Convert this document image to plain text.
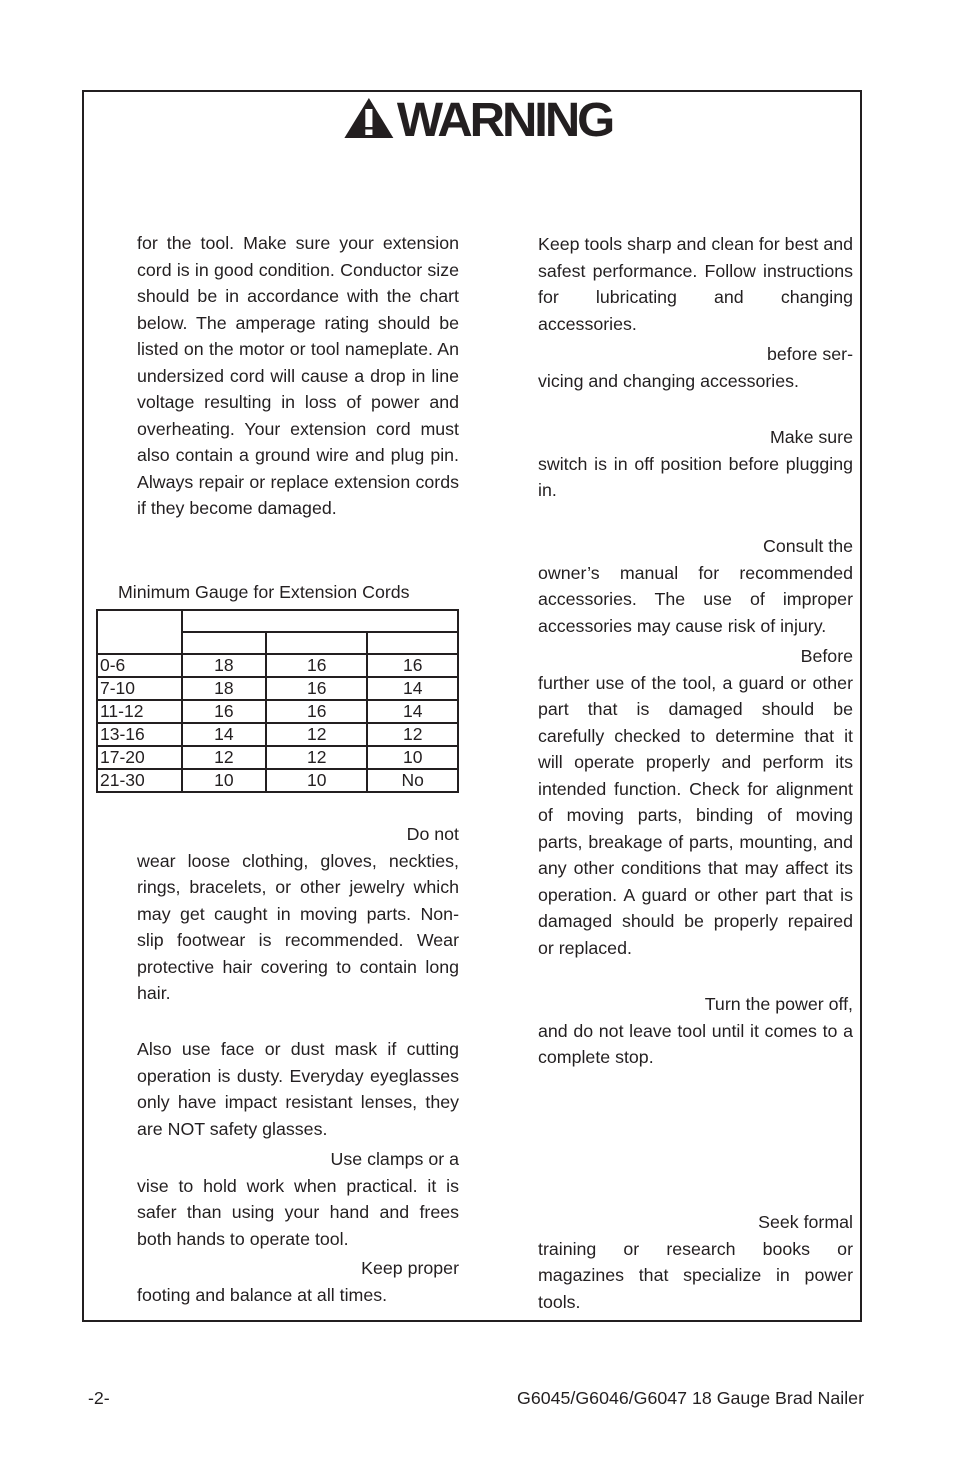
WARNING

for the tool. Make sure your extension cord is in good condition. Conductor size should be in accordance with the chart below. The amperage rating should be listed on the motor or tool nameplate. An undersized cord will cause a drop in line voltage resulting in loss of power and overheating. Your extension cord must also contain a ground wire and plug pin. Always repair or replace extension cords if they become damaged.

Minimum Gauge for Extension Cords

0-6	18	16	16
7-10	18	16	14
11-12	16	16	14
13-16	14	12	12
17-20	12	12	10
21-30	10	10	No

Do not

wear loose clothing, gloves, neckties, rings, bracelets, or other jewelry which may get caught in moving parts. Non-slip footwear is recommended. Wear protective hair covering to contain long hair.

Also use face or dust mask if cutting operation is dusty. Everyday eyeglasses only have impact resistant lenses, they are NOT safety glasses.

Use clamps or a

vise to hold work when practical. it is safer than using your hand and frees both hands to operate tool.

Keep proper

footing and balance at all times.

Keep tools sharp and clean for best and safest performance. Follow instructions for lubricating and changing accessories.

before ser-

vicing and changing accessories.

Make sure

switch is in off position before plugging in.

Consult the

owner’s manual for recommended accessories. The use of improper accessories may cause risk of injury.

Before

further use of the tool, a guard or other part that is damaged should be carefully checked to determine that it will operate properly and perform its intended function. Check for alignment of moving parts, binding of moving parts, breakage of parts, mounting, and any other conditions that may affect its operation. A guard or other part that is damaged should be properly repaired or replaced.

Turn the power off,

and do not leave tool until it comes to a complete stop.

Seek formal

training or research books or magazines that specialize in power tools.

-2-	G6045/G6046/G6047 18 Gauge Brad Nailer
